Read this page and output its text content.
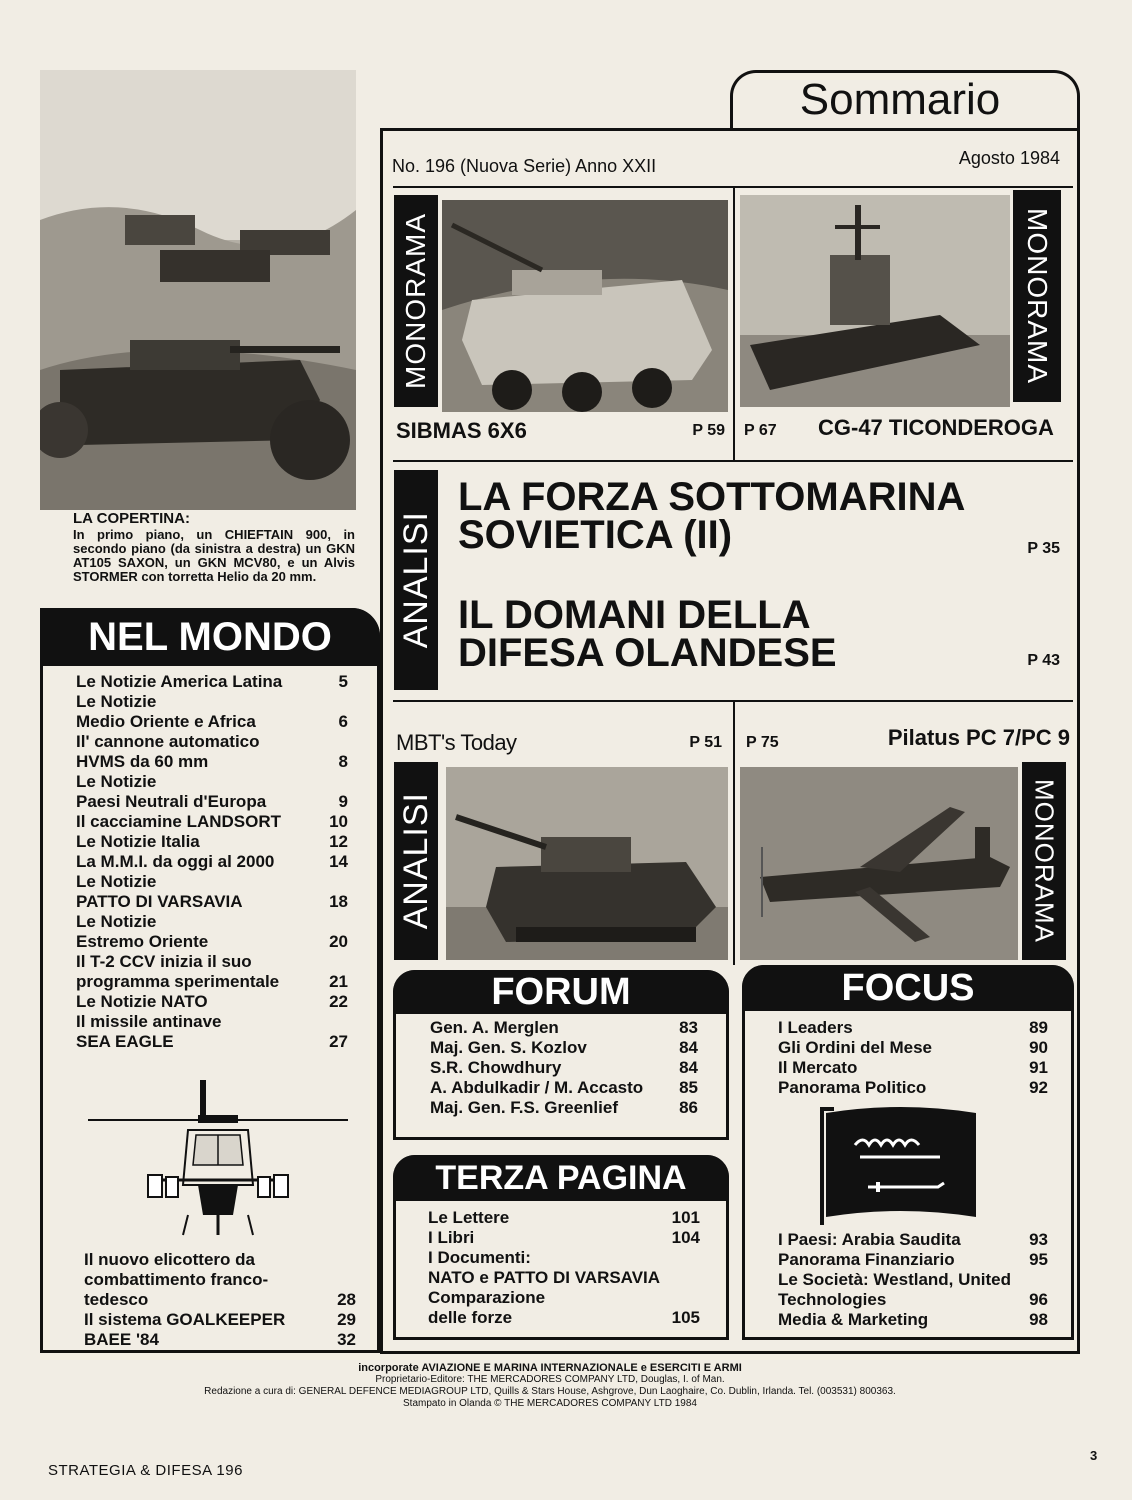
LA COPERTINA:
In primo piano, un CHIEFTAIN 900, in secondo piano (da sinistra a destra) un GKN AT105 SAXON, un GKN MCV80, e un Alvis STORMER con torretta Helio da 20 mm.
NEL MONDO
Le Notizie America Latina	5
Le Notizie
Medio Oriente e Africa	6
Il' cannone automatico
HVMS da 60 mm	8
Le Notizie
Paesi Neutrali d'Europa	9
Il cacciamine LANDSORT	10
Le Notizie Italia	12
La M.M.I. da oggi al 2000	14
Le Notizie
PATTO DI VARSAVIA	18
Le Notizie
Estremo Oriente	20
Il T-2 CCV inizia il suo
programma sperimentale	21
Le Notizie NATO	22
Il missile antinave
SEA EAGLE	27
Il nuovo elicottero da
combattimento franco-
tedesco	28
Il sistema GOALKEEPER	29
BAEE '84	32
Sommario
No. 196 (Nuova Serie) Anno XXII	Agosto 1984
MONORAMA
SIBMAS 6X6	P 59
MONORAMA
P 67 CG-47 TICONDEROGA
ANALISI
LA FORZA SOTTOMARINA
SOVIETICA (II)	P 35
IL DOMANI DELLA
DIFESA OLANDESE	P 43
MBT's Today	P 51
ANALISI
P 75	Pilatus PC 7/PC 9
MONORAMA
FORUM
Gen. A. Merglen	83
Maj. Gen. S. Kozlov	84
S.R. Chowdhury	84
A. Abdulkadir / M. Accasto	85
Maj. Gen. F.S. Greenlief	86
TERZA PAGINA
Le Lettere	101
I Libri	104
I Documenti:
NATO e PATTO DI VARSAVIA
Comparazione
delle forze	105
FOCUS
I Leaders	89
Gli Ordini del Mese	90
Il Mercato	91
Panorama Politico	92
I Paesi: Arabia Saudita	93
Panorama Finanziario	95
Le Società: Westland, United
Technologies	96
Media & Marketing	98
incorporate AVIAZIONE E MARINA INTERNAZIONALE e ESERCITI E ARMI
Proprietario-Editore: THE MERCADORES COMPANY LTD, Douglas, I. of Man.
Redazione a cura di: GENERAL DEFENCE MEDIAGROUP LTD, Quills & Stars House, Ashgrove, Dun Laoghaire, Co. Dublin, Irlanda. Tel. (003531) 800363.
Stampato in Olanda © THE MERCADORES COMPANY LTD 1984
STRATEGIA & DIFESA 196
3
